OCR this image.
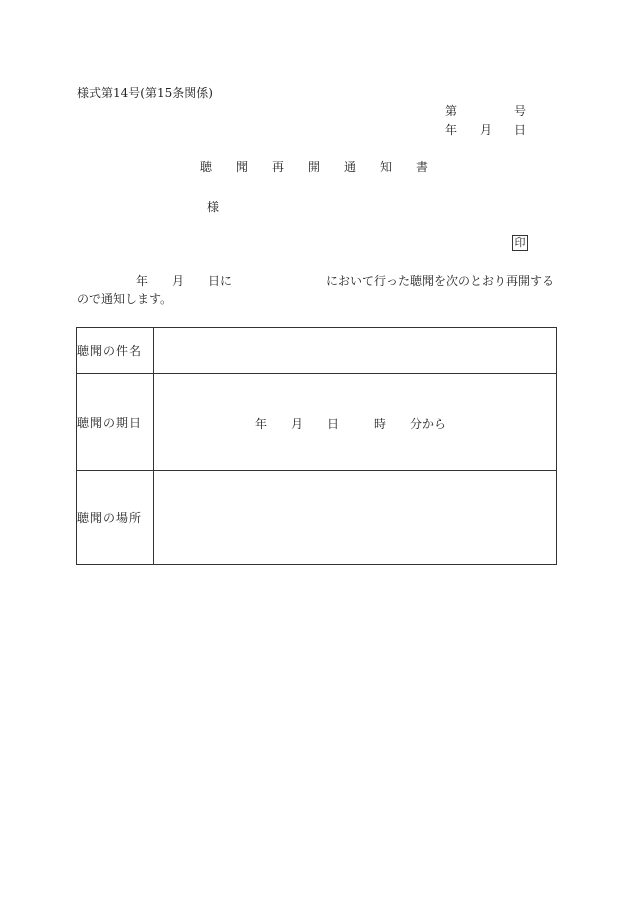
様式第14号(第15条関係)
第	号
年 月 日
聴 聞 再 開 通 知 書
様
印
年 月 日に	において行った聴聞を次のとおり再開する
ので通知します。
聴聞の件名	
聴聞の期日	年 月 日 時 分から

聴聞の場所	
